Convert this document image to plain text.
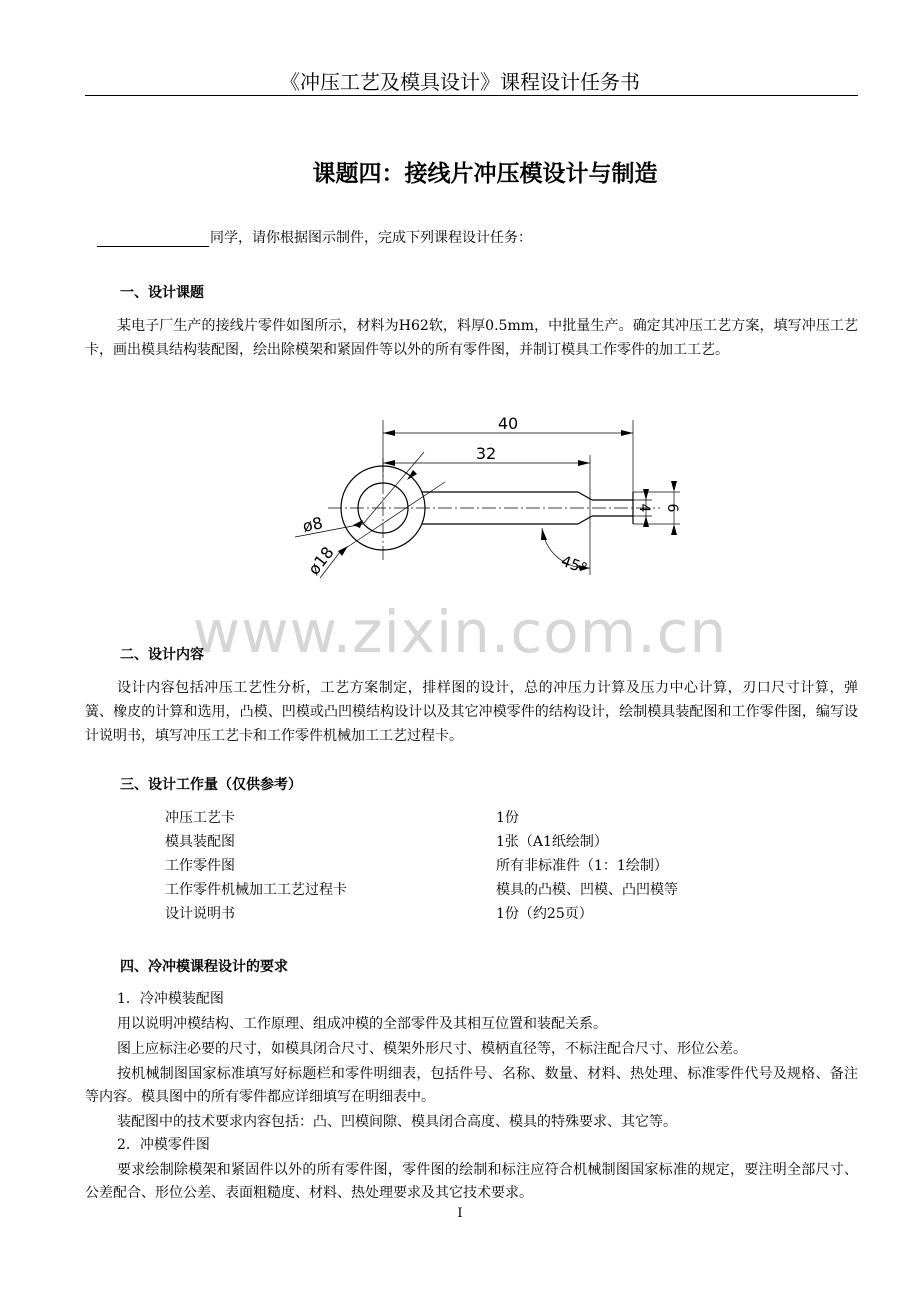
《冲压工艺及模具设计》课程设计任务书
课题四：接线片冲压模设计与制造
同学，请你根据图示制件，完成下列课程设计任务：
一、设计课题
某电子厂生产的接线片零件如图所示，材料为H62软，料厚0.5mm，中批量生产。确定其冲压工艺方案，填写冲压工艺卡，画出模具结构装配图，绘出除模架和紧固件等以外的所有零件图，并制订模具工作零件的加工工艺。
40
32
ø8
ø18	45°
6
4
www.zixin.com.cn
二、设计内容
设计内容包括冲压工艺性分析，工艺方案制定，排样图的设计，总的冲压力计算及压力中心计算，刃口尺寸计算，弹簧、橡皮的计算和选用，凸模、凹模或凸凹模结构设计以及其它冲模零件的结构设计，绘制模具装配图和工作零件图，编写设计说明书，填写冲压工艺卡和工作零件机械加工工艺过程卡。
三、设计工作量（仅供参考）
冲压工艺卡	1份
模具装配图	1张（A1纸绘制）
工作零件图	所有非标准件（1：1绘制）
工作零件机械加工工艺过程卡	模具的凸模、凹模、凸凹模等
设计说明书	1份（约25页）
四、冷冲模课程设计的要求
1．冷冲模装配图
用以说明冲模结构、工作原理、组成冲模的全部零件及其相互位置和装配关系。
图上应标注必要的尺寸，如模具闭合尺寸、模架外形尺寸、模柄直径等，不标注配合尺寸、形位公差。
按机械制图国家标准填写好标题栏和零件明细表，包括件号、名称、数量、材料、热处理、标准零件代号及规格、备注等内容。模具图中的所有零件都应详细填写在明细表中。
装配图中的技术要求内容包括：凸、凹模间隙、模具闭合高度、模具的特殊要求、其它等。
2．冲模零件图
要求绘制除模架和紧固件以外的所有零件图，零件图的绘制和标注应符合机械制图国家标准的规定，要注明全部尺寸、公差配合、形位公差、表面粗糙度、材料、热处理要求及其它技术要求。
I
